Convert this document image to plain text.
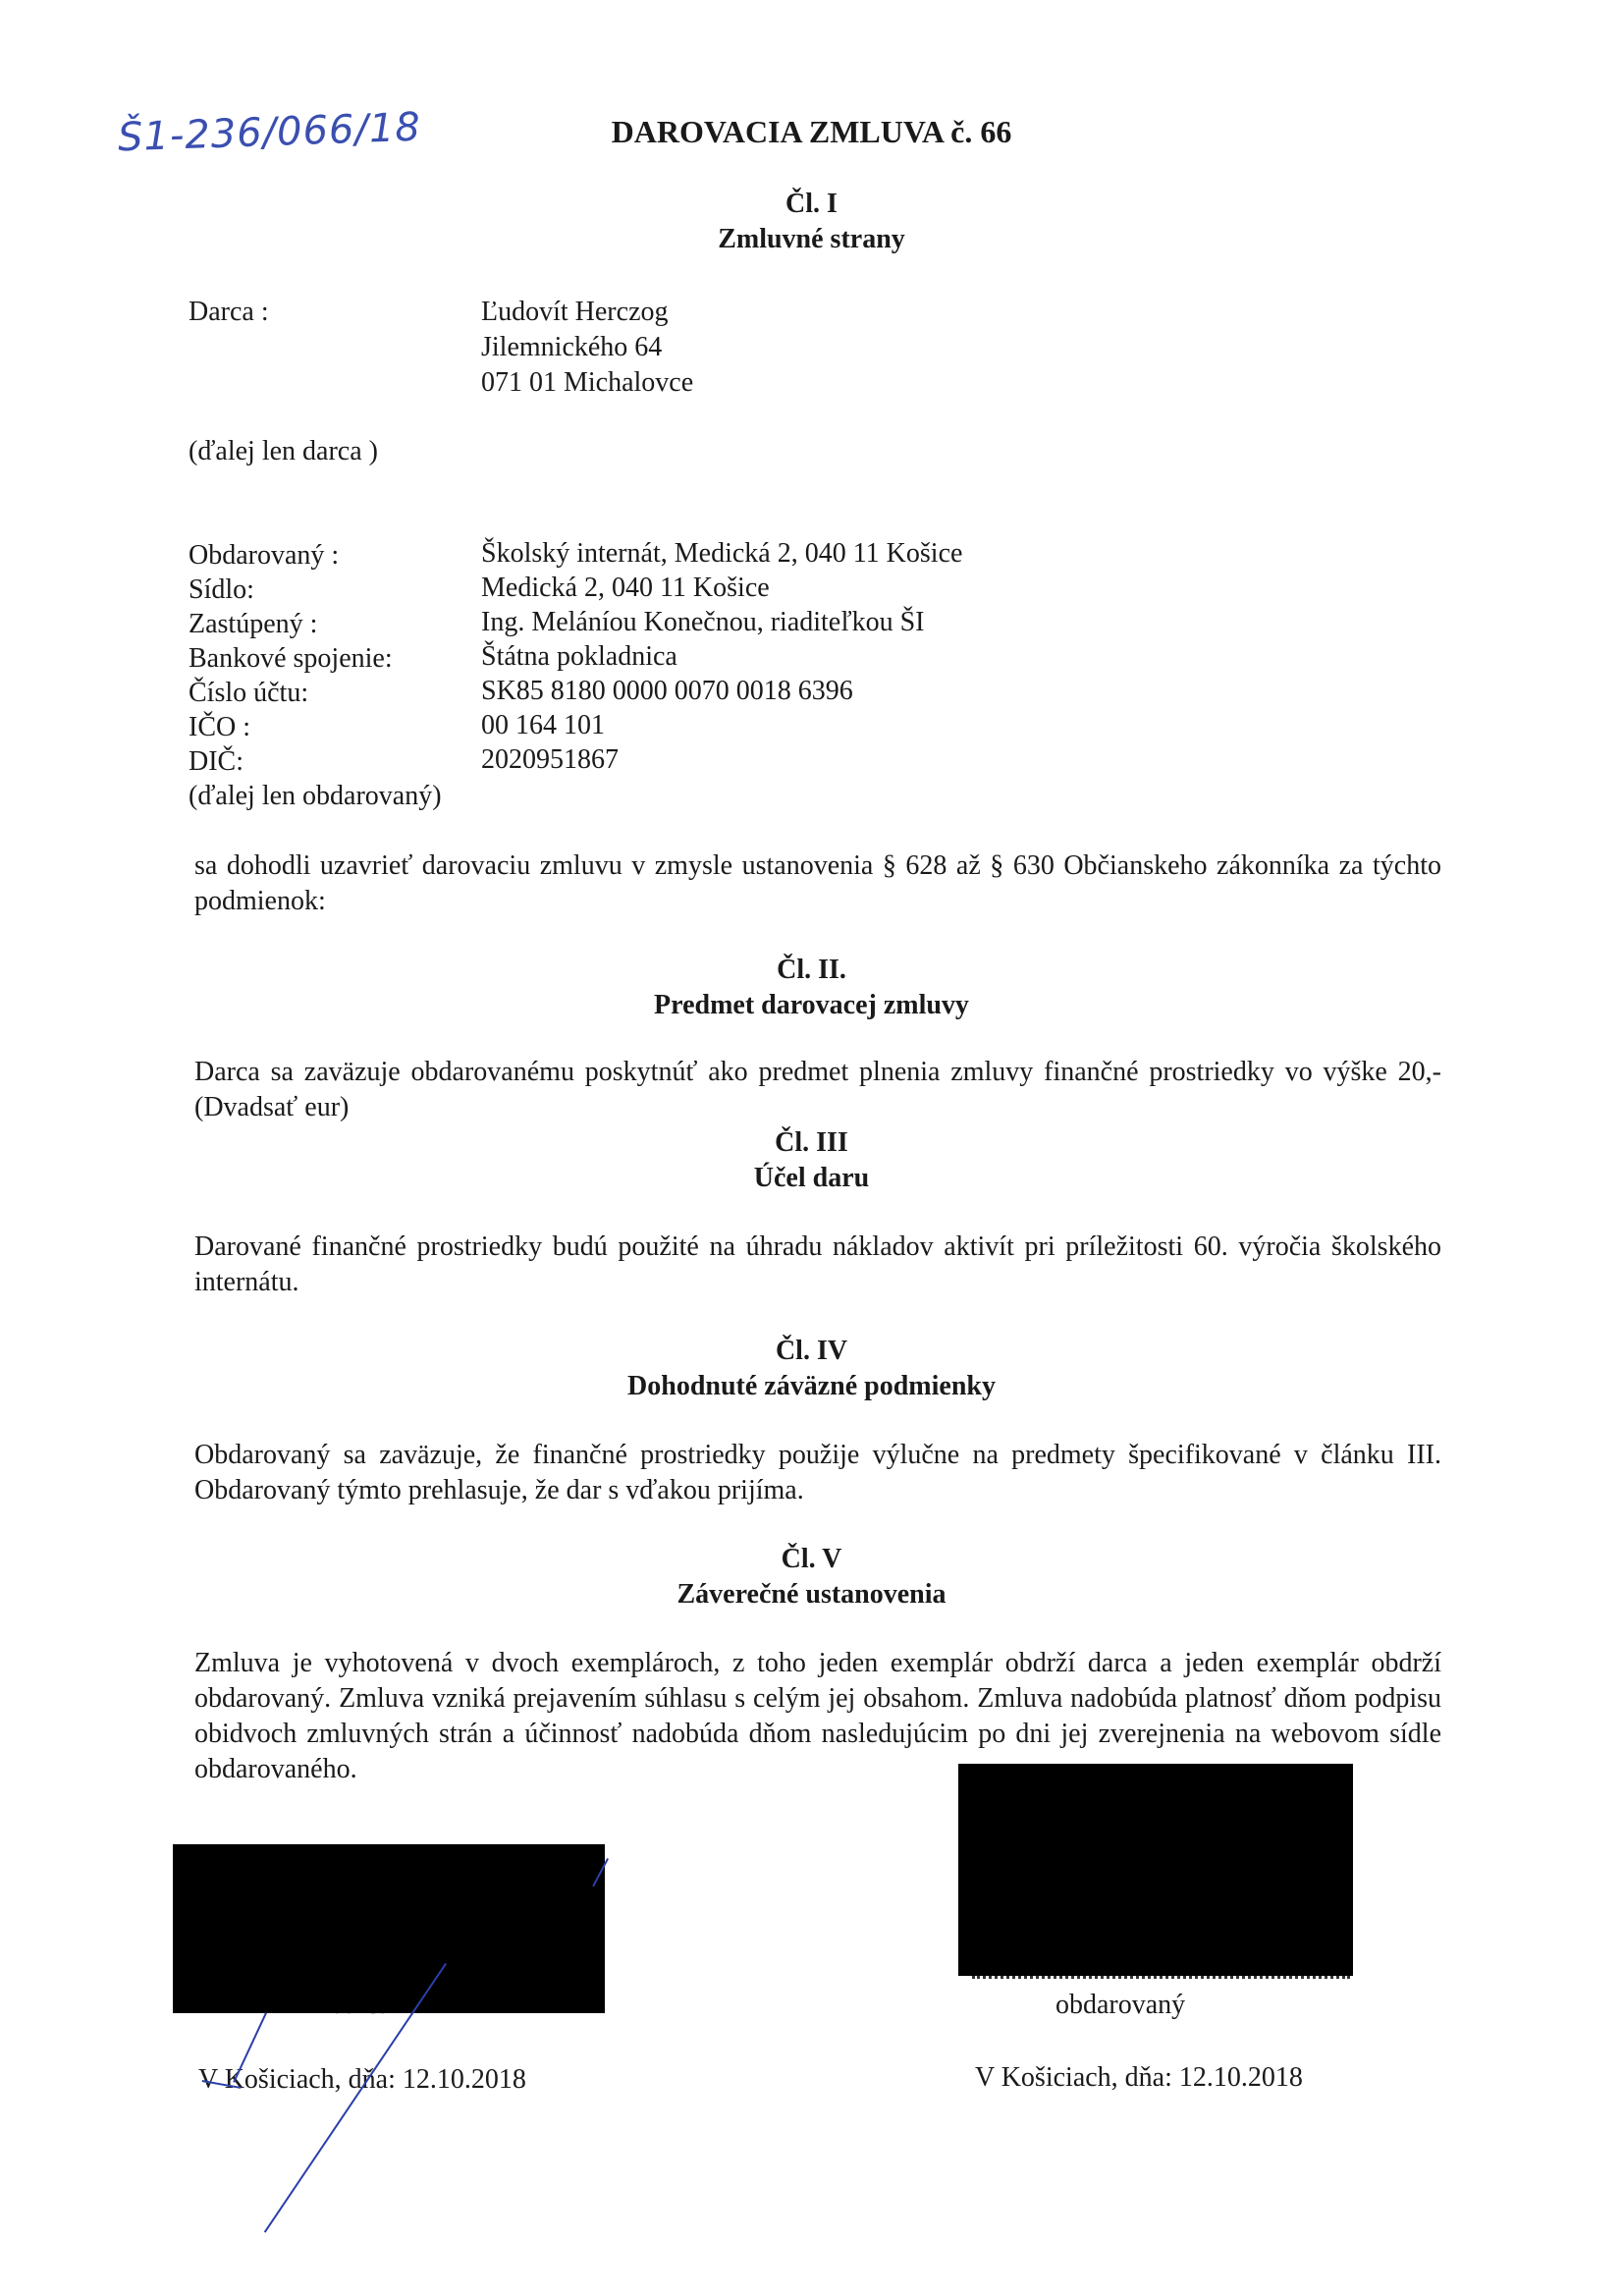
Š1-236/066/18	DAROVACIA ZMLUVA č. 66
Čl. I
Zmluvné strany
Darca :	Ľudovít Herczog
Jilemnického 64
071 01 Michalovce
(ďalej len darca )
Obdarovaný :	Školský internát, Medická 2, 040 11 Košice
Sídlo:	Medická 2, 040 11 Košice
Zastúpený :	Ing. Meláníou Konečnou, riaditeľkou ŠI
Bankové spojenie:	Štátna pokladnica
Číslo účtu:	SK85 8180 0000 0070 0018 6396
IČO :	00 164 101
DIČ:	2020951867
(ďalej len obdarovaný)
sa dohodli uzavrieť darovaciu zmluvu v zmysle ustanovenia § 628 až § 630 Občianskeho zákonníka za týchto podmienok:
Čl. II.
Predmet darovacej zmluvy
Darca sa zaväzuje obdarovanému poskytnúť ako predmet plnenia zmluvy finančné prostriedky vo výške 20,- (Dvadsať eur)
Čl. III
Účel daru
Darované finančné prostriedky budú použité na úhradu nákladov aktivít pri príležitosti 60. výročia školského internátu.
Čl. IV
Dohodnuté záväzné podmienky
Obdarovaný sa zaväzuje, že finančné prostriedky použije výlučne na predmety špecifikované v článku III. Obdarovaný týmto prehlasuje, že dar s vďakou prijíma.
Čl. V
Záverečné ustanovenia
Zmluva je vyhotovená v dvoch exemplároch, z toho jeden exemplár obdrží darca a jeden exemplár obdrží obdarovaný. Zmluva vzniká prejavením súhlasu s celým jej obsahom. Zmluva nadobúda platnosť dňom podpisu obidvoch zmluvných strán a účinnosť nadobúda dňom nasledujúcim po dni jej zverejnenia na webovom sídle obdarovaného.
obdarovaný
V Košiciach, dňa: 12.10.2018
V Košiciach, dňa: 12.10.2018
